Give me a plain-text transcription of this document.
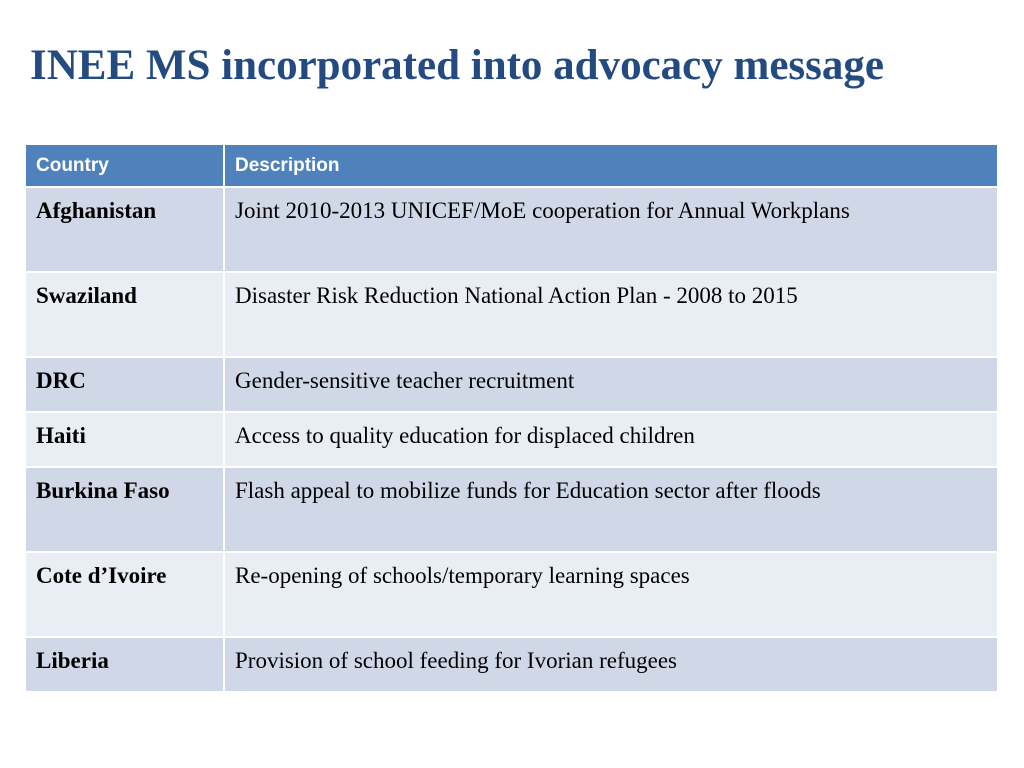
INEE MS incorporated into advocacy message
Country	Description
Afghanistan	Joint 2010-2013 UNICEF/MoE cooperation for Annual Workplans
Swaziland	Disaster Risk Reduction National Action Plan - 2008 to 2015
DRC	Gender-sensitive teacher recruitment
Haiti	Access to quality education for displaced children
Burkina Faso	Flash appeal to mobilize funds for Education sector after floods
Cote d’Ivoire	Re-opening of schools/temporary learning spaces
Liberia	Provision of school feeding for Ivorian refugees
